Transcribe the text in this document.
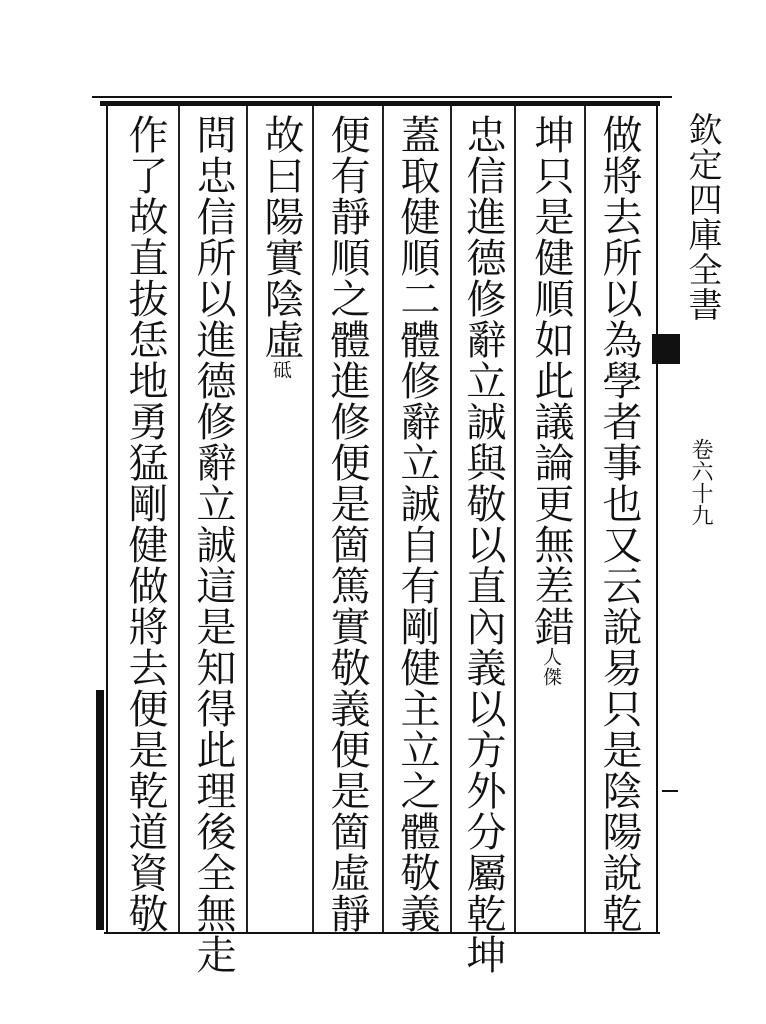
做將去所以為學者事也又云說易只是陰陽說乾
坤只是健順如此議論更無差錯人傑
忠信進德修辭立誠與敬以直內義以方外分屬乾坤
蓋取健順二體修辭立誠自有剛健主立之體敬義
便有靜順之體進修便是箇篤實敬義便是箇虛靜
故曰陽實陰虛砥
問忠信所以進德修辭立誠這是知得此理後全無走
作了故直抜恁地勇猛剛健做將去便是乾道資敬	欽定四庫全書
卷六十九
